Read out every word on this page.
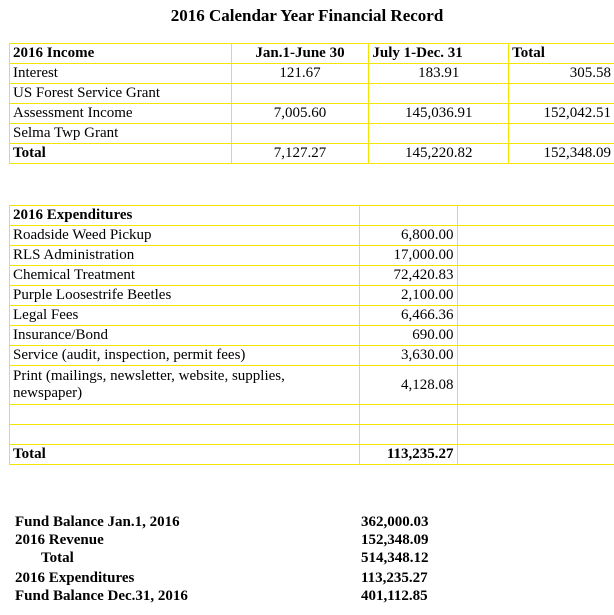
2016 Calendar Year Financial Record
2016 Income	Jan.1-June 30	July 1-Dec. 31	Total
Interest	121.67	183.91	305.58
US Forest Service Grant			
Assessment Income	7,005.60	145,036.91	152,042.51
Selma Twp Grant			
Total	7,127.27	145,220.82	152,348.09
2016 Expenditures		
Roadside Weed Pickup	6,800.00	
RLS Administration	17,000.00	
Chemical Treatment	72,420.83	
Purple Loosestrife Beetles	2,100.00	
Legal Fees	6,466.36	
Insurance/Bond	690.00	
Service (audit, inspection, permit fees)	3,630.00	
Print (mailings, newsletter, website, supplies, newspaper)	4,128.08	

Total	113,235.27	
Fund Balance Jan.1, 2016	362,000.03
2016 Revenue	152,348.09
Total	514,348.12
2016 Expenditures	113,235.27
Fund Balance Dec.31, 2016	401,112.85
